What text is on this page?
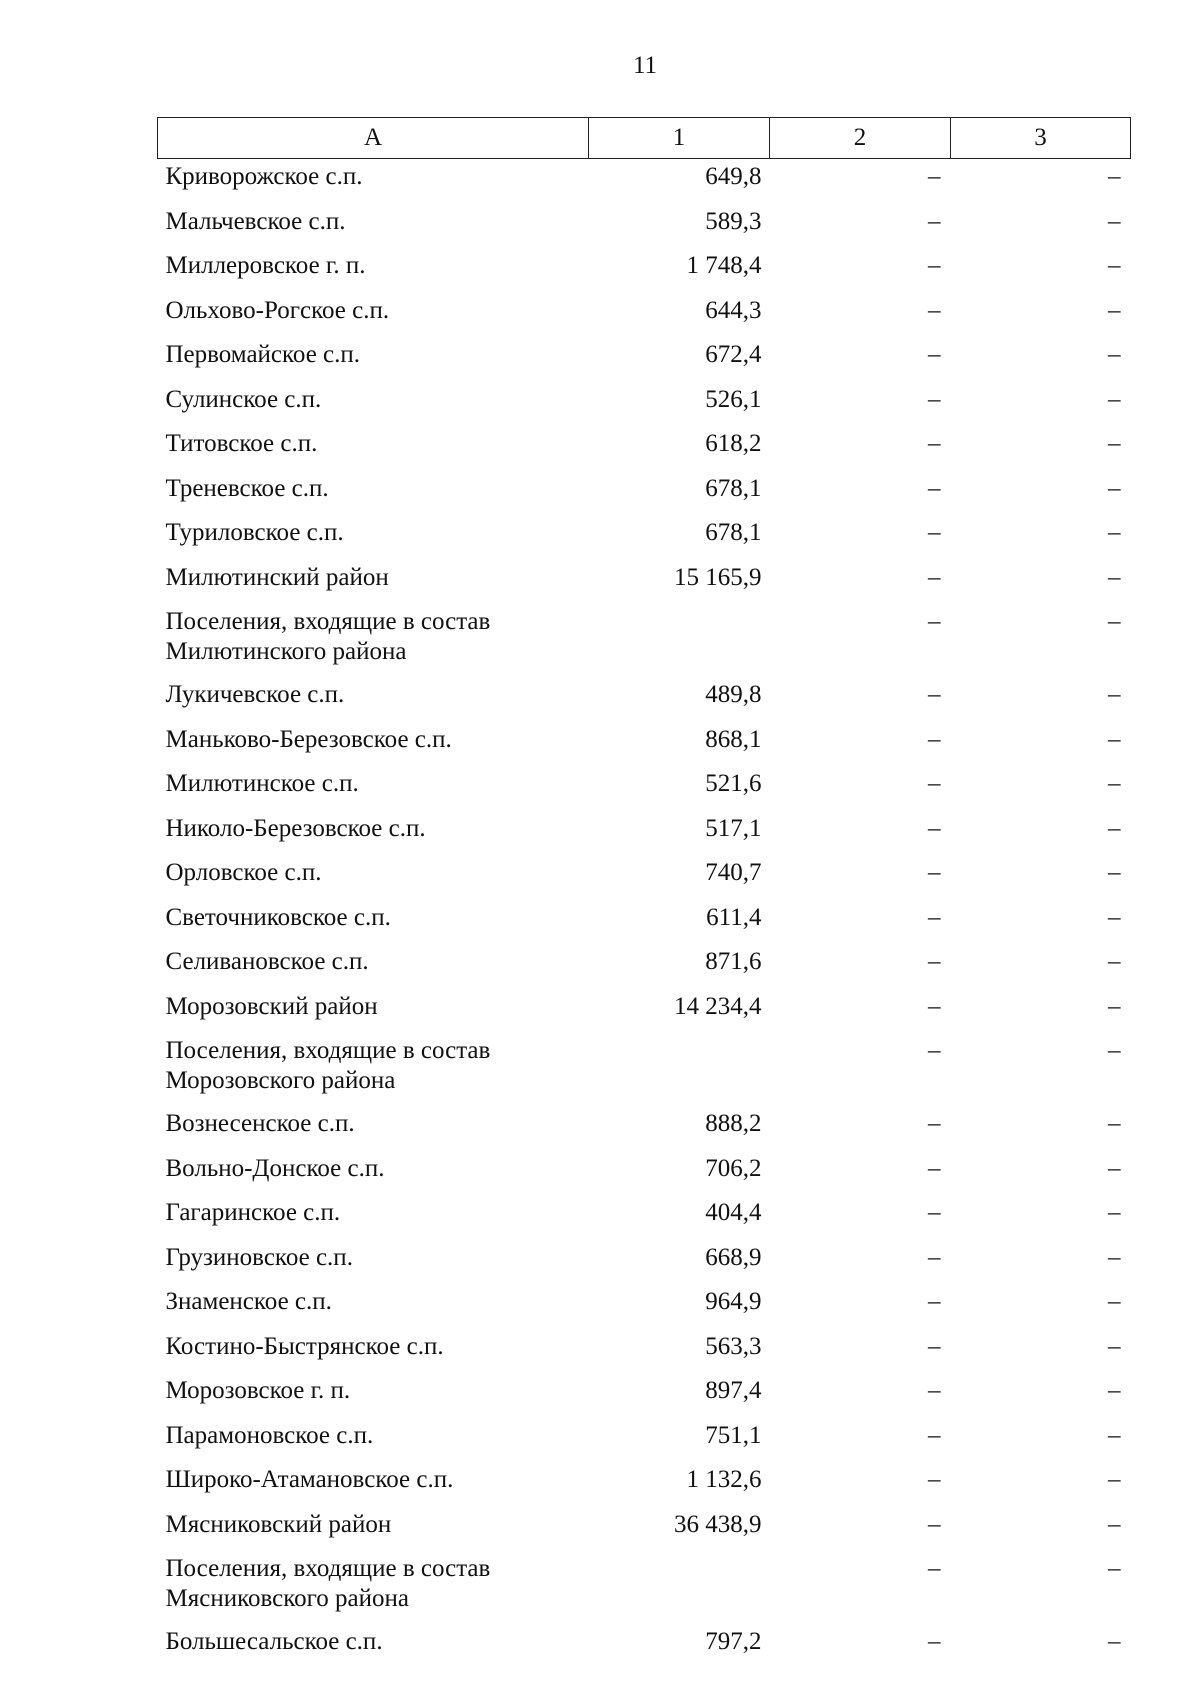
11
А	1	2	3
Криворожское с.п.	649,8	–	–
Мальчевское с.п.	589,3	–	–
Миллеровское г. п.	1 748,4	–	–
Ольхово-Рогское с.п.	644,3	–	–
Первомайское с.п.	672,4	–	–
Сулинское с.п.	526,1	–	–
Титовское с.п.	618,2	–	–
Треневское с.п.	678,1	–	–
Туриловское с.п.	678,1	–	–
Милютинский район	15 165,9	–	–
Поселения, входящие в состав
Милютинского района		–	–
Лукичевское с.п.	489,8	–	–
Маньково-Березовское с.п.	868,1	–	–
Милютинское с.п.	521,6	–	–
Николо-Березовское с.п.	517,1	–	–
Орловское с.п.	740,7	–	–
Светочниковское с.п.	611,4	–	–
Селивановское с.п.	871,6	–	–
Морозовский район	14 234,4	–	–
Поселения, входящие в состав
Морозовского района		–	–
Вознесенское с.п.	888,2	–	–
Вольно-Донское с.п.	706,2	–	–
Гагаринское с.п.	404,4	–	–
Грузиновское с.п.	668,9	–	–
Знаменское с.п.	964,9	–	–
Костино-Быстрянское с.п.	563,3	–	–
Морозовское г. п.	897,4	–	–
Парамоновское с.п.	751,1	–	–
Широко-Атамановское с.п.	1 132,6	–	–
Мясниковский район	36 438,9	–	–
Поселения, входящие в состав
Мясниковского района		–	–
Большесальское с.п.	797,2	–	–
